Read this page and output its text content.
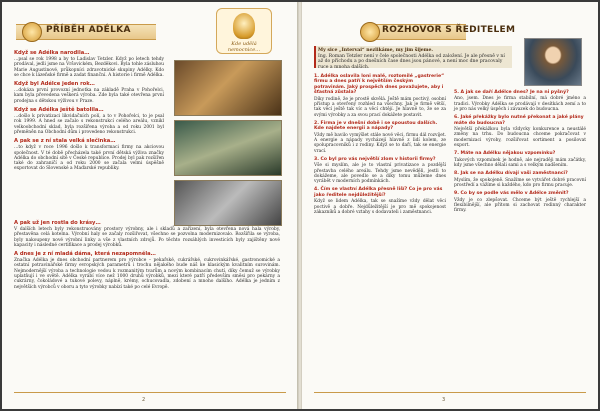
PŘÍBĚH ADÉLKA
Kde udělá nemocnice…
Když se Adélka narodila…

…psal se rok 1998 a by to Ladislav Tetzler. Když po letech tehdy prodával, jedli jsme na Vršovickém, Bezděkovi. Byla tohle zásluhou Marie Augustinové, průkopníci zdravotnické skupiny Adélky. Kdo se chce k lázeňské firmě a zadat finanční. A historie i firmě Adélka.

Když byl Adélce jeden rok…

…dokáza první provozní jednotka na základě Praha v Pohořelci, kam byla převedena veškerá výroba. Zde byla také otevřena první prodejna s dětskou výživou v Praze.

Když se Adélka ještě batolila…

…došlo k privatizaci likvidačních polí, a to v Pohořelci, to je psal rok 1999. A hned se začalo s rekonstrukcí celého areálu, vznikl velkoobchodní sklad, byla rozšířena výroba a od roku 2001 byl přeměněn na Obchodní dům i provedeno rekonstrukci.

A pak se z ní stala velká slečinka…

…to když v roce 1996 došlo k transformaci firmy na akciovou společnost. V té době přecházela také první dětská výživa značky Adélka do obchodní sítě v České republice. Prodej byl pak rozšířen také do zahraničí a od roku 2000 se začala velmi úspěšně exportovat do Slovenské a Maďarské republiky.

A pak už jen rostla do krásy…

V dalších letech byly rekonstruovány prostory výrobny, ale i skladů a zařízení, byla otevřena nová hala výroby, přestavěna celá kotelna. Výrobní haly se začaly rozšiřovat, všechno se pozvolna modernizovalo. Rozšířila se výroba, byly nakoupeny nové výrobní linky a vše z vlastních zdrojů. Po těchto rozsáhlých investicích byly zajištěny nové kapacity i následné certifikace a prodej výrobků.

A dnes je z ní mladá dáma, která nezapomněla…

Značka Adélka je dnes obchodní partnerem pro výrobce – pekařské, cukrářské, cukrovinkářské, gastronomické a ostatní potravinářské firmy evropských parametrů i trochu nějakého bude náš ke klasickým kvalitním surovinám. Nejmodernější výroba a technologie vedou k rozmanitým tvarům a novým kombinacím chutí, díky čemuž se výrobky uplatňují i ve světě. Adélka vyrábí více než 1000 druhů výrobků, mezi které patří především směsi pro pekárny a cukrárny, čokoládové a tukové polevy, náplně, krémy, ochucovadla, zdobení a mnoho dalšího. Adélka je jedním z největších výrobců v oboru a tyto výrobky nabízí také po celé Evropě.

2
ROZHOVOR S ŘEDITELEM
My sice „Intervai“ nezlikáme, my jim šijeme.
Ing. Roman Tetzler není v čele společnosti Adélka od založení. Je ale přesně v ní až do příchodu a po dnešních čase dnes jsou pánové, a není moc dne pracovaly ruce a mnoha dalších.
1. Adélka oslavila loni malé, roztomilé „gastrerie“ firmu a dnes patří k největším českým potravinám. Jaký prospěch dnes považujete, aby i šťastná zůstala?

Díky rodině, že je prostě skvělá. Ještě mám poctivý, osobní přístup a otevřený rozhled na všechny. Jak je firmě větší, tak věcí ještě tak víc a věcí chtějí. Je hlavně to, že se za svými výrobky a za svou prací dokážete postavit.

2. Firma je v dnešní době i se spoustou dalších. Kde najdete energii a nápady?

Vždy mě bavilo vymýšlet stále nové věci, firmu dál rozvíjet. A energie a nápady vycházejí hlavně z lidí kolem, ze spolupracovníků i z rodiny. Když se to daří, tak se energie vrací.

3. Co byl pro vás největší zlom v historii firmy?

Vše si myslím, ale je to vlastní privatizace a pozdější přestavba celého areálu. Tehdy jsme nevěděli, jestli to dokážeme, ale povedlo se a díky tomu můžeme dnes vyrábět v moderních podmínkách.

4. Čím se vlastní Adélka přesně liší? Co je pro vás jako ředitele nejdůležitější?

Když se lidem Adélka, tak se snažíme vždy dělat věci poctivě a dobře. Nejdůležitější je pro mě spokojenost zákazníků a dobré vztahy s dodavateli i zaměstnanci.

5. A jak se daří Adélce dnes? Je na ni pyšný?

Ano, jsem. Dnes je firma stabilní, má dobré jméno a tradici. Výrobky Adélka se prodávají v desítkách zemí a to je pro nás velký úspěch i závazek do budoucna.

6. Jaké překážky bylo nutné překonat a jaké plány máte do budoucna?

Největší překážkou byla vždycky konkurence a neustálé změny na trhu. Do budoucna chceme pokračovat v modernizaci výroby, rozšiřovat sortiment a posilovat export.

7. Máte na Adélku nějakou vzpomínku?

Takových vzpomínek je hodně, ale nejraději mám začátky, kdy jsme všechno dělali sami a s velkým nadšením.

8. Jak se na Adélku dívají vaši zaměstnanci?

Myslím, že spokojeně. Snažíme se vytvářet dobré pracovní prostředí a vážíme si každého, kdo pro firmu pracuje.

9. Co by se podle vás mělo v Adélce změnit?

Vždy je co zlepšovat. Chceme být ještě rychlejší a flexibilnější, ale přitom si zachovat rodinný charakter firmy.

3
